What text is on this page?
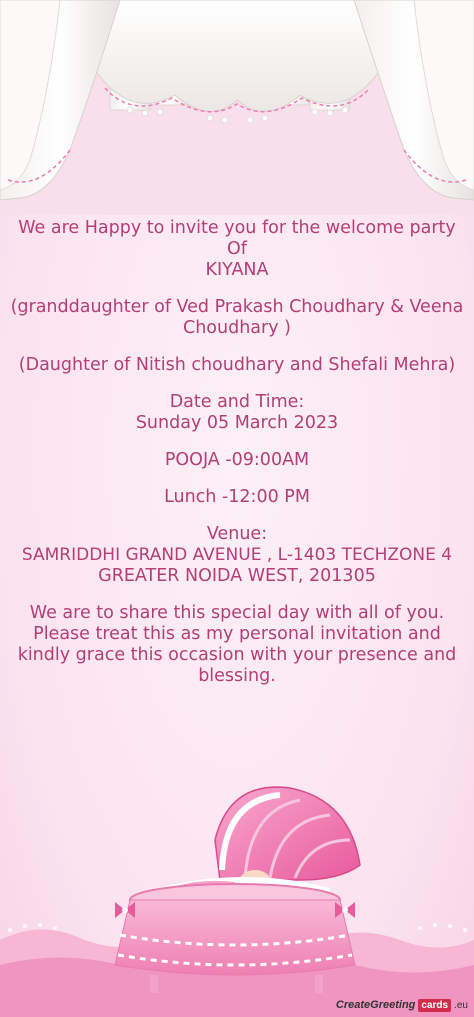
We are Happy to invite you for the welcome party
Of
KIYANA
(granddaughter of Ved Prakash Choudhary & Veena
Choudhary )
(Daughter of Nitish choudhary and Shefali Mehra)
Date and Time:
Sunday 05 March 2023
POOJA -09:00AM
Lunch -12:00 PM
Venue:
SAMRIDDHI GRAND AVENUE , L-1403 TECHZONE 4
GREATER NOIDA WEST, 201305
We are to share this special day with all of you.
Please treat this as my personal invitation and
kindly grace this occasion with your presence and
blessing.
CreateGreeting cards .eu
